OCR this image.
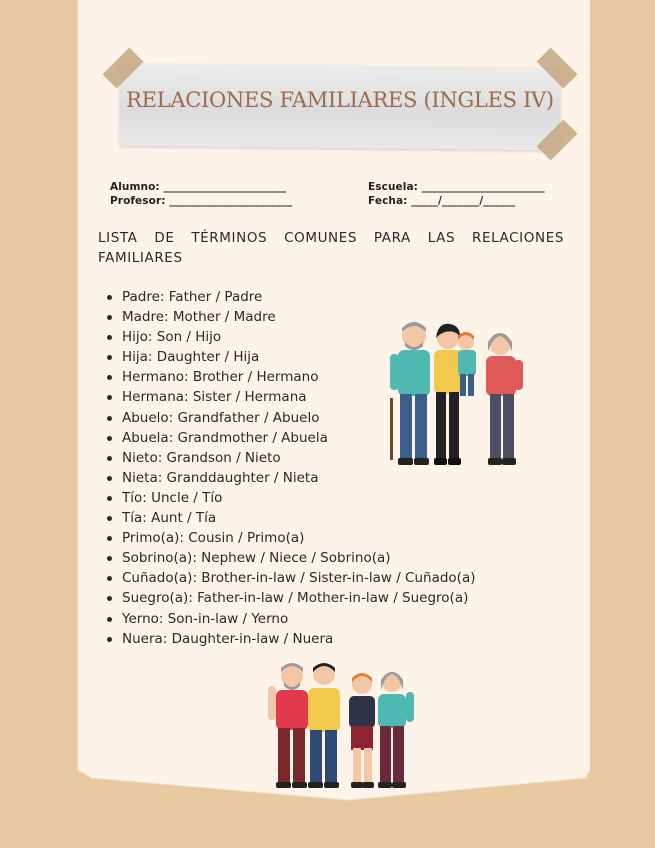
RELACIONES FAMILIARES (INGLES IV)
Alumno: _______________________
Profesor: _______________________
Escuela: _______________________
Fecha: _____/_______/______
LISTA DE TÉRMINOS COMUNES PARA LAS RELACIONES FAMILIARES
Padre: Father / Padre
Madre: Mother / Madre
Hijo: Son / Hijo
Hija: Daughter / Hija
Hermano: Brother / Hermano
Hermana: Sister / Hermana
Abuelo: Grandfather / Abuelo
Abuela: Grandmother / Abuela
Nieto: Grandson / Nieto
Nieta: Granddaughter / Nieta
Tío: Uncle / Tío
Tía: Aunt / Tía
Primo(a): Cousin / Primo(a)
Sobrino(a): Nephew / Niece / Sobrino(a)
Cuñado(a): Brother-in-law / Sister-in-law / Cuñado(a)
Suegro(a): Father-in-law / Mother-in-law / Suegro(a)
Yerno: Son-in-law / Yerno
Nuera: Daughter-in-law / Nuera
